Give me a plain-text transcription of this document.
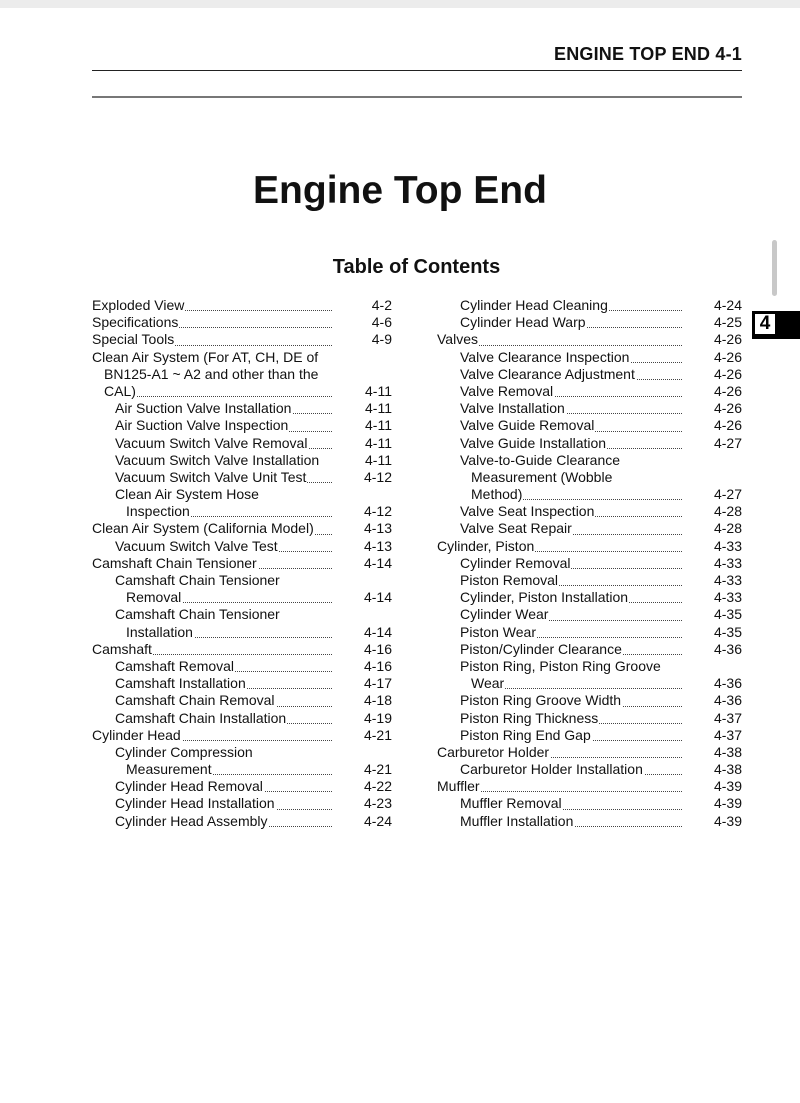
ENGINE TOP END 4-1
4
Engine Top End
Table of Contents
Exploded View	4-2
Specifications	4-6
Special Tools	4-9
Clean Air System (For AT, CH, DE of
BN125-A1 ~ A2 and other than the
CAL)	4-11
Air Suction Valve Installation	4-11
Air Suction Valve Inspection	4-11
Vacuum Switch Valve Removal	4-11
Vacuum Switch Valve Installation	4-11
Vacuum Switch Valve Unit Test	4-12
Clean Air System Hose
Inspection	4-12
Clean Air System (California Model)	4-13
Vacuum Switch Valve Test	4-13
Camshaft Chain Tensioner	4-14
Camshaft Chain Tensioner
Removal	4-14
Camshaft Chain Tensioner
Installation	4-14
Camshaft	4-16
Camshaft Removal	4-16
Camshaft Installation	4-17
Camshaft Chain Removal	4-18
Camshaft Chain Installation	4-19
Cylinder Head	4-21
Cylinder Compression
Measurement	4-21
Cylinder Head Removal	4-22
Cylinder Head Installation	4-23
Cylinder Head Assembly	4-24
Cylinder Head Cleaning	4-24
Cylinder Head Warp	4-25
Valves	4-26
Valve Clearance Inspection	4-26
Valve Clearance Adjustment	4-26
Valve Removal	4-26
Valve Installation	4-26
Valve Guide Removal	4-26
Valve Guide Installation	4-27
Valve-to-Guide Clearance
Measurement (Wobble
Method)	4-27
Valve Seat Inspection	4-28
Valve Seat Repair	4-28
Cylinder, Piston	4-33
Cylinder Removal	4-33
Piston Removal	4-33
Cylinder, Piston Installation	4-33
Cylinder Wear	4-35
Piston Wear	4-35
Piston/Cylinder Clearance	4-36
Piston Ring, Piston Ring Groove
Wear	4-36
Piston Ring Groove Width	4-36
Piston Ring Thickness	4-37
Piston Ring End Gap	4-37
Carburetor Holder	4-38
Carburetor Holder Installation	4-38
Muffler	4-39
Muffler Removal	4-39
Muffler Installation	4-39
